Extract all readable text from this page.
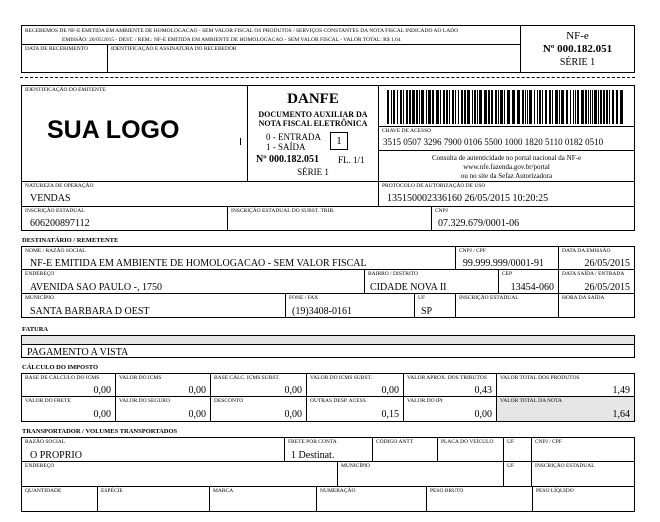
RECEBEMOS DE NF-E EMITIDA EM AMBIENTE DE HOMOLOGACAO - SEM VALOR FISCAL OS PRODUTOS / SERVIÇOS CONSTANTES DA NOTA FISCAL INDICADO AO LADO
EMISSÃO: 26/05/2015 - DEST. / REM.: NF-E EMITIDA EM AMBIENTE DE HOMOLOGACAO - SEM VALOR FISCAL - VALOR TOTAL: R$ 1,64
DATA DE RECEBIMENTO	IDENTIFICAÇÃO E ASSINATURA DO RECEBEDOR
NF-e
Nº 000.182.051
SÉRIE 1
IDENTIFICAÇÃO DO EMITENTE
SUA LOGO
DANFE
DOCUMENTO AUXILIAR DA
NOTA FISCAL ELETRÔNICA
0 - ENTRADA
1 - SAÍDA	1
Nº 000.182.051 FL. 1/1
SÉRIE 1
CHAVE DE ACESSO
3515 0507 3296 7900 0106 5500 1000 1820 5110 0182 0510
Consulta de autenticidade no portal nacional da NF-e
www.nfe.fazenda.gov.br/portal
ou no site da Sefaz Autorizadora
NATUREZA DE OPERAÇÃO
VENDAS
PROTOCOLO DE AUTORIZAÇÃO DE USO
135150002336160 26/05/2015 10:20:25
INSCRIÇÃO ESTADUAL
606200897112
INSCRIÇÃO ESTADUAL DO SUBST. TRIB.	CNPJ
07.329.679/0001-06
DESTINATÁRIO / REMETENTE
NOME / RAZÃO SOCIAL
NF-E EMITIDA EM AMBIENTE DE HOMOLOGACAO - SEM VALOR FISCAL
CNPJ / CPF
99.999.999/0001-91
DATA DA EMISSÃO
26/05/2015
ENDEREÇO
AVENIDA SAO PAULO -, 1750
BAIRRO / DISTRITO
CIDADE NOVA II
CEP
13454-060
DATA SAÍDA / ENTRADA
26/05/2015
MUNICÍPIO
SANTA BARBARA D OEST
FONE / FAX
(19)3408-0161
UF
SP
INSCRIÇÃO ESTADUAL	HORA DA SAÍDA
FATURA
PAGAMENTO A VISTA
CÁLCULO DO IMPOSTO
BASE DE CÁLCULO DO ICMS
0,00
VALOR DO ICMS
0,00
BASE CÁLC. ICMS SUBST.
0,00
VALOR DO ICMS SUBST.
0,00
VALOR APROX. DOS TRIBUTOS
0,43
VALOR TOTAL DOS PRODUTOS
1,49
VALOR DO FRETE
0,00
VALOR DO SEGURO
0,00
DESCONTO
0,00
OUTRAS DESP. ACESS.
0,15
VALOR DO IPI
0,00
VALOR TOTAL DA NOTA
1,64
TRANSPORTADOR / VOLUMES TRANSPORTADOS
RAZÃO SOCIAL
O PROPRIO
FRETE POR CONTA
1 Destinat.
CÓDIGO ANTT	PLACA DO VEÍCULO UF	CNPJ / CPF
ENDEREÇO	MUNICÍPIO	UF	INSCRIÇÃO ESTADUAL
QUANTIDADE	ESPÉCIE	MARCA	NUMERAÇÃO	PESO BRUTO	PESO LÍQUIDO
